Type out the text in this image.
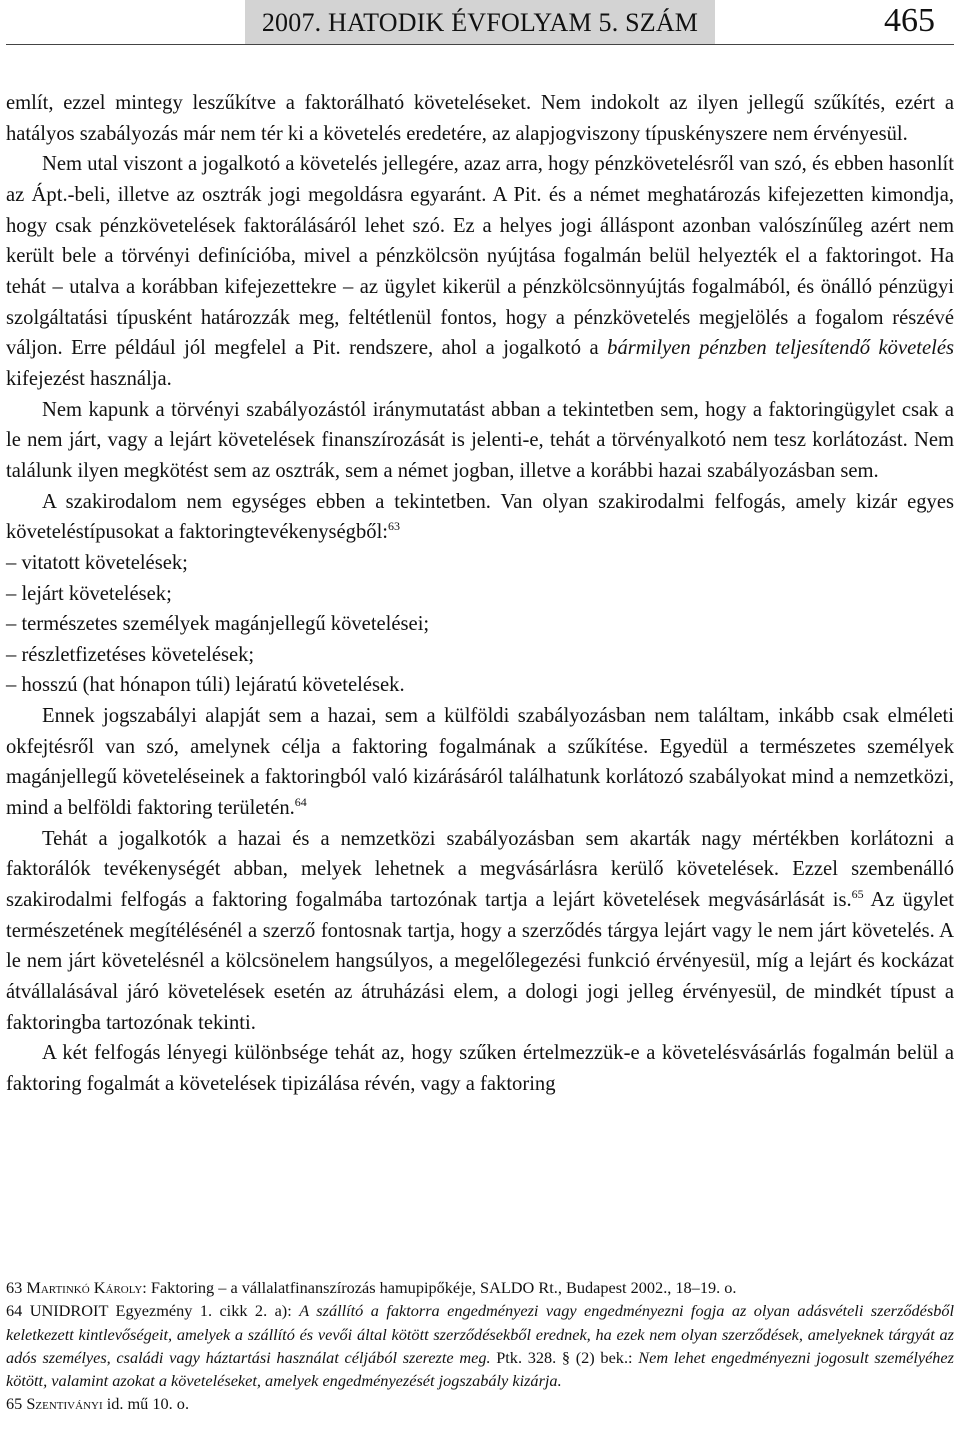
2007. HATODIK ÉVFOLYAM 5. SZÁM	465

említ, ezzel mintegy leszűkítve a faktorálható követeléseket. Nem indokolt az ilyen jellegű szűkítés, ezért a hatályos szabályozás már nem tér ki a követelés eredetére, az alapjogviszony típuskényszere nem érvényesül.

Nem utal viszont a jogalkotó a követelés jellegére, azaz arra, hogy pénzkövetelésről van szó, és ebben hasonlít az Ápt.-beli, illetve az osztrák jogi megoldásra egyaránt. A Pit. és a német meghatározás kifejezetten kimondja, hogy csak pénzkövetelések faktorálásáról lehet szó. Ez a helyes jogi álláspont azonban valószínűleg azért nem került bele a törvényi definícióba, mivel a pénzkölcsön nyújtása fogalmán belül helyezték el a faktoringot. Ha tehát – utalva a korábban kifejezettekre – az ügylet kikerül a pénzkölcsönnyújtás fogalmából, és önálló pénzügyi szolgáltatási típusként határozzák meg, feltétlenül fontos, hogy a pénzkövetelés megjelölés a fogalom részévé váljon. Erre például jól megfelel a Pit. rendszere, ahol a jogalkotó a bármilyen pénzben teljesítendő követelés kifejezést használja.

Nem kapunk a törvényi szabályozástól iránymutatást abban a tekintetben sem, hogy a faktoringügylet csak a le nem járt, vagy a lejárt követelések finanszírozását is jelenti-e, tehát a törvényalkotó nem tesz korlátozást. Nem találunk ilyen megkötést sem az osztrák, sem a német jogban, illetve a korábbi hazai szabályozásban sem.

A szakirodalom nem egységes ebben a tekintetben. Van olyan szakirodalmi felfogás, amely kizár egyes követeléstípusokat a faktoringtevékenységből:$^{63}$

– vitatott követelések;
– lejárt követelések;
– természetes személyek magánjellegű követelései;
– részletfizetéses követelések;
– hosszú (hat hónapon túli) lejáratú követelések.

Ennek jogszabályi alapját sem a hazai, sem a külföldi szabályozásban nem találtam, inkább csak elméleti okfejtésről van szó, amelynek célja a faktoring fogalmának a szűkítése. Egyedül a természetes személyek magánjellegű követeléseinek a faktoringból való kizárásáról találhatunk korlátozó szabályokat mind a nemzetközi, mind a belföldi faktoring területén.$^{64}$

Tehát a jogalkotók a hazai és a nemzetközi szabályozásban sem akarták nagy mértékben korlátozni a faktorálók tevékenységét abban, melyek lehetnek a megvásárlásra kerülő követelések. Ezzel szembenálló szakirodalmi felfogás a faktoring fogalmába tartozónak tartja a lejárt követelések megvásárlását is.$^{65}$ Az ügylet természetének megítélésénél a szerző fontosnak tartja, hogy a szerződés tárgya lejárt vagy le nem járt követelés. A le nem járt követelésnél a kölcsönelem hangsúlyos, a megelőlegezési funkció érvényesül, míg a lejárt és kockázat átvállalásával járó követelések esetén az átruházási elem, a dologi jogi jelleg érvényesül, de mindkét típust a faktoringba tartozónak tekinti.

A két felfogás lényegi különbsége tehát az, hogy szűken értelmezzük-e a követelésvásárlás fogalmán belül a faktoring fogalmát a követelések tipizálása révén, vagy a faktoring

63 Martinkó Károly: Faktoring – a vállalatfinanszírozás hamupipőkéje, SALDO Rt., Budapest 2002., 18–19. o.

64 UNIDROIT Egyezmény 1. cikk 2. a): A szállító a faktorra engedményezi vagy engedményezni fogja az olyan adásvételi szerződésből keletkezett kintlevőségeit, amelyek a szállító és vevői által kötött szerződésekből erednek, ha ezek nem olyan szerződések, amelyeknek tárgyát az adós személyes, családi vagy háztartási használat céljából szerezte meg. Ptk. 328. § (2) bek.: Nem lehet engedményezni jogosult személyéhez kötött, valamint azokat a követeléseket, amelyek engedményezését jogszabály kizárja.

65 Szentiványi id. mű 10. o.
